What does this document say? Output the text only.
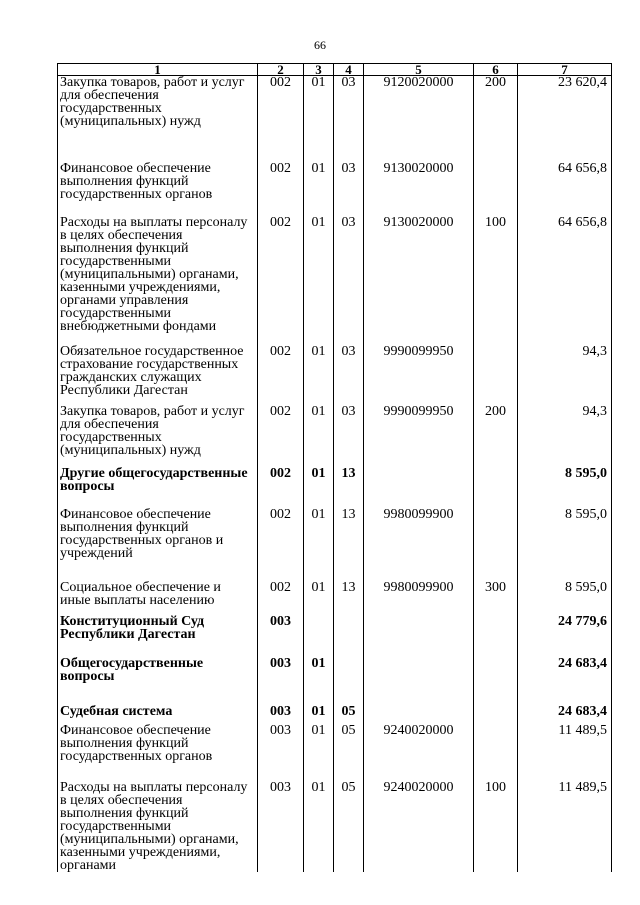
66
1	2	3	4	5	6	7
Закупка товаров, работ и услуг для обеспечения государственных (муниципальных) нужд	002	01	03	9120020000	200	23 620,4
Финансовое обеспечение выполнения функций государственных органов	002	01	03	9130020000		64 656,8
Расходы на выплаты персоналу в целях обеспечения выполнения функций государственными (муниципальными) органами, казенными учреждениями, органами управления государственными внебюджетными фондами	002	01	03	9130020000	100	64 656,8
Обязательное государственное страхование государственных гражданских служащих Республики Дагестан	002	01	03	9990099950		94,3
Закупка товаров, работ и услуг для обеспечения государственных (муниципальных) нужд	002	01	03	9990099950	200	94,3
Другие общегосударственные вопросы	002	01	13			8 595,0
Финансовое обеспечение выполнения функций государственных органов и учреждений	002	01	13	9980099900		8 595,0
Социальное обеспечение и иные выплаты населению	002	01	13	9980099900	300	8 595,0
Конституционный Суд Республики Дагестан	003					24 779,6
Общегосударственные вопросы	003	01				24 683,4
Судебная система	003	01	05			24 683,4
Финансовое обеспечение выполнения функций государственных органов	003	01	05	9240020000		11 489,5
Расходы на выплаты персоналу в целях обеспечения выполнения функций государственными (муниципальными) органами, казенными учреждениями, органами	003	01	05	9240020000	100	11 489,5
